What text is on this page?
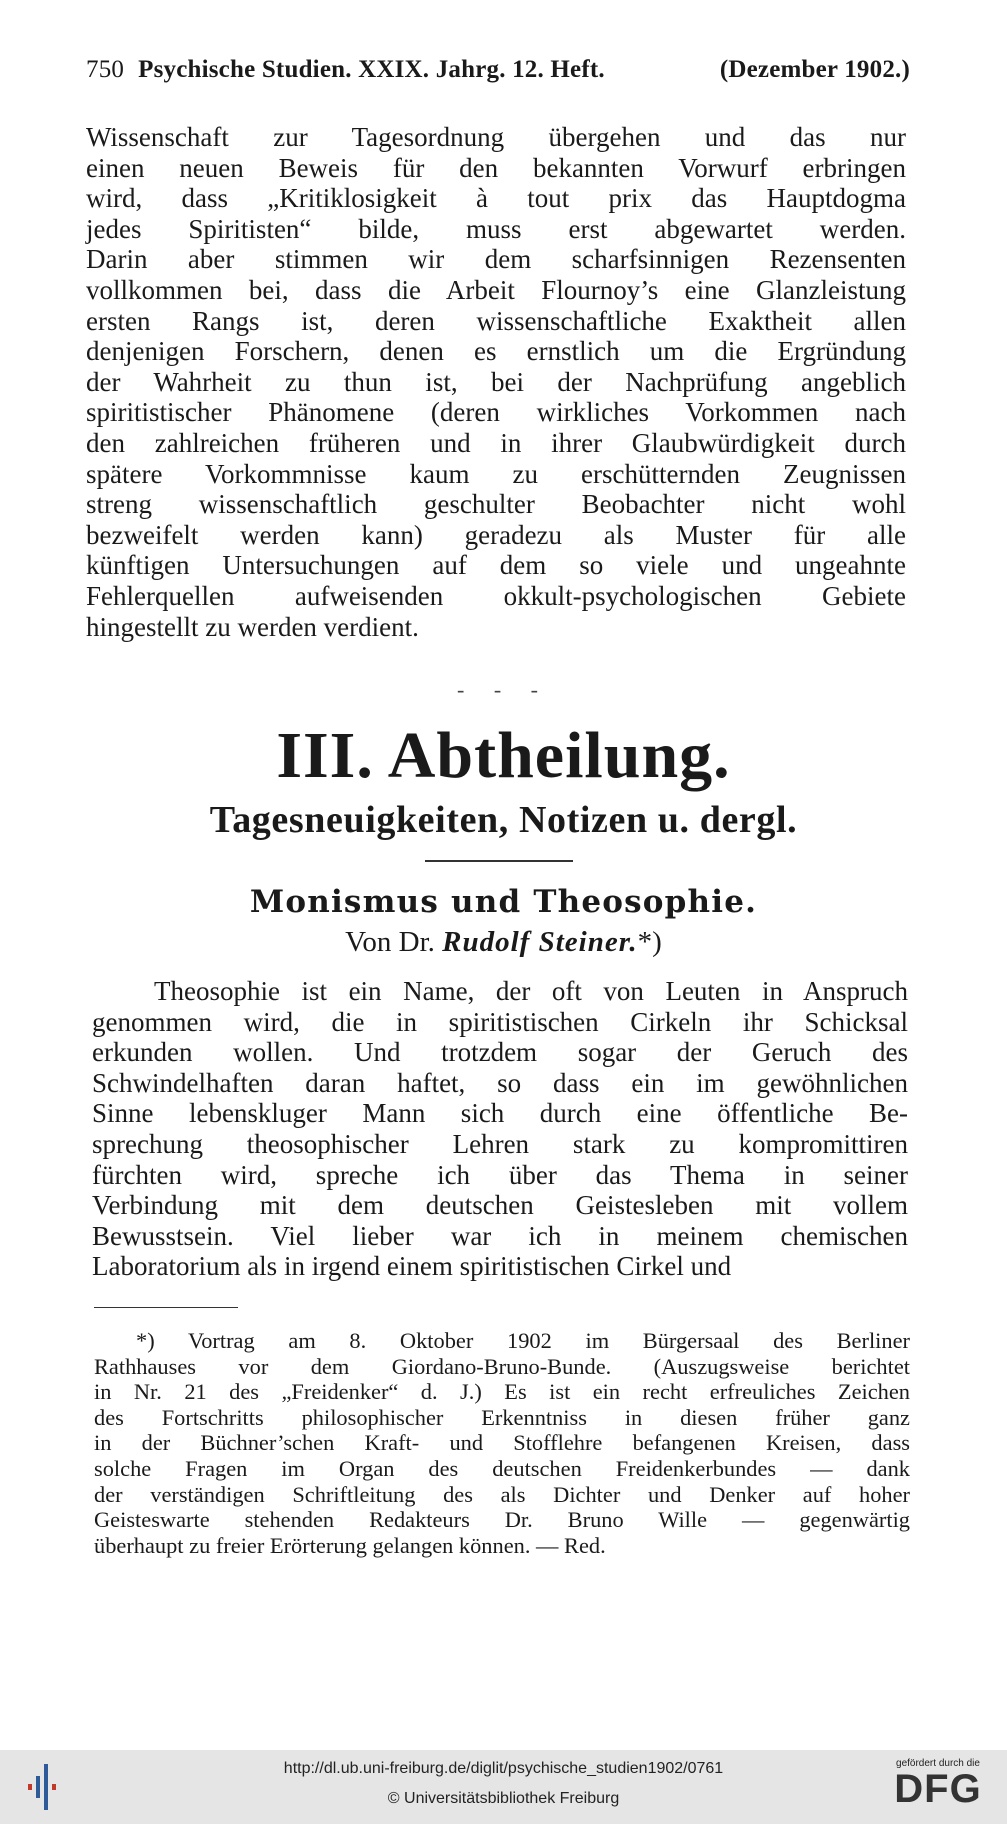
750 Psychische Studien. XXIX. Jahrg. 12. Heft.	(Dezember 1902.)
Wissenschaft zur Tagesordnung übergehen und das nur
einen neuen Beweis für den bekannten Vorwurf erbringen
wird, dass „Kritiklosigkeit à tout prix das Hauptdogma
jedes Spiritisten“ bilde, muss erst abgewartet werden.
Darin aber stimmen wir dem scharfsinnigen Rezensenten
vollkommen bei, dass die Arbeit Flournoy’s eine Glanzleistung
ersten Rangs ist, deren wissenschaftliche Exaktheit allen
denjenigen Forschern, denen es ernstlich um die Ergründung
der Wahrheit zu thun ist, bei der Nachprüfung angeblich
spiritistischer Phänomene (deren wirkliches Vorkommen nach
den zahlreichen früheren und in ihrer Glaubwürdigkeit durch
spätere Vorkommnisse kaum zu erschütternden Zeugnissen
streng wissenschaftlich geschulter Beobachter nicht wohl
bezweifelt werden kann) geradezu als Muster für alle
künftigen Untersuchungen auf dem so viele und ungeahnte
Fehlerquellen aufweisenden okkult-psychologischen Gebiete
hingestellt zu werden verdient.
- - -
III. Abtheilung.
Tagesneuigkeiten, Notizen u. dergl.
Monismus und Theosophie.
Von Dr. Rudolf Steiner.*)
Theosophie ist ein Name, der oft von Leuten in Anspruch
genommen wird, die in spiritistischen Cirkeln ihr Schicksal
erkunden wollen. Und trotzdem sogar der Geruch des
Schwindelhaften daran haftet, so dass ein im gewöhnlichen
Sinne lebenskluger Mann sich durch eine öffentliche Be-
sprechung theosophischer Lehren stark zu kompromittiren
fürchten wird, spreche ich über das Thema in seiner
Verbindung mit dem deutschen Geistesleben mit vollem
Bewusstsein. Viel lieber war ich in meinem chemischen
Laboratorium als in irgend einem spiritistischen Cirkel und
*) Vortrag am 8. Oktober 1902 im Bürgersaal des Berliner
Rathhauses vor dem Giordano-Bruno-Bunde. (Auszugsweise berichtet
in Nr. 21 des „Freidenker“ d. J.) Es ist ein recht erfreuliches Zeichen
des Fortschritts philosophischer Erkenntniss in diesen früher ganz
in der Büchner’schen Kraft- und Stofflehre befangenen Kreisen, dass
solche Fragen im Organ des deutschen Freidenkerbundes — dank
der verständigen Schriftleitung des als Dichter und Denker auf hoher
Geisteswarte stehenden Redakteurs Dr. Bruno Wille — gegenwärtig
überhaupt zu freier Erörterung gelangen können. — Red.
http://dl.ub.uni-freiburg.de/diglit/psychische_studien1902/0761
© Universitätsbibliothek Freiburg
gefördert durch die
DFG
